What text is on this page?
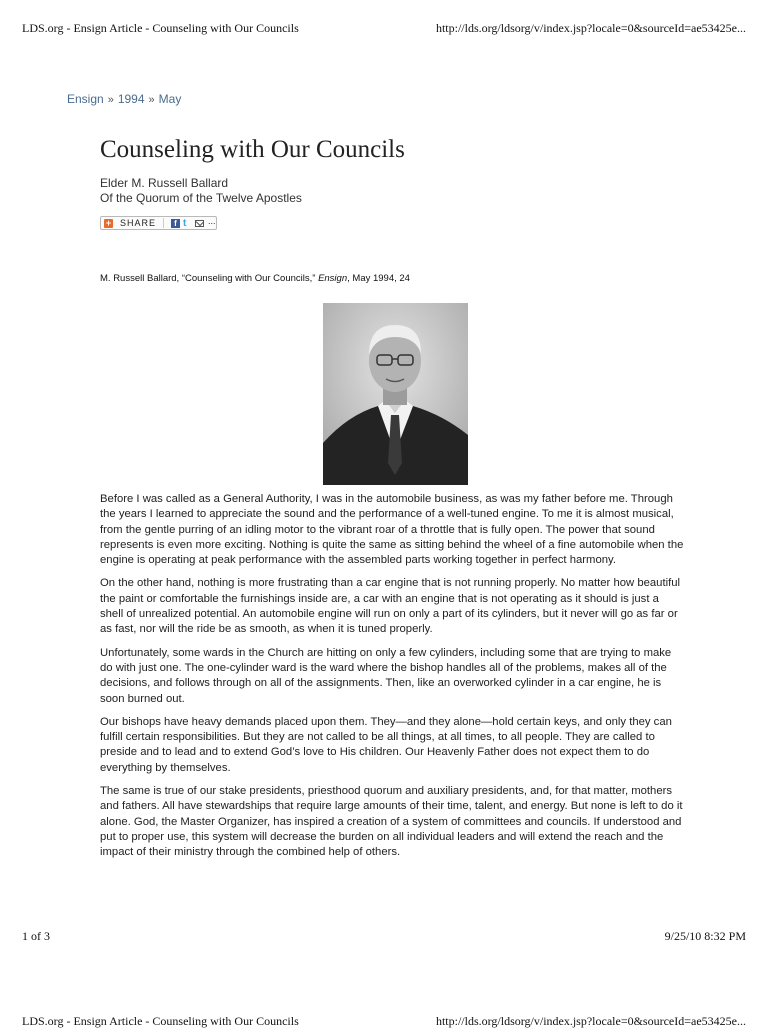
LDS.org - Ensign Article - Counseling with Our Councils	http://lds.org/ldsorg/v/index.jsp?locale=0&sourceId=ae53425e...
Ensign » 1994 » May
Counseling with Our Councils
Elder M. Russell Ballard
Of the Quorum of the Twelve Apostles
+ SHARE	f t ...
M. Russell Ballard, “Counseling with Our Councils,” Ensign, May 1994, 24

Before I was called as a General Authority, I was in the automobile business, as was my father before me. Through the years I learned to appreciate the sound and the performance of a well-tuned engine. To me it is almost musical, from the gentle purring of an idling motor to the vibrant roar of a throttle that is fully open. The power that sound represents is even more exciting. Nothing is quite the same as sitting behind the wheel of a fine automobile when the engine is operating at peak performance with the assembled parts working together in perfect harmony.

On the other hand, nothing is more frustrating than a car engine that is not running properly. No matter how beautiful the paint or comfortable the furnishings inside are, a car with an engine that is not operating as it should is just a shell of unrealized potential. An automobile engine will run on only a part of its cylinders, but it never will go as far or as fast, nor will the ride be as smooth, as when it is tuned properly.

Unfortunately, some wards in the Church are hitting on only a few cylinders, including some that are trying to make do with just one. The one-cylinder ward is the ward where the bishop handles all of the problems, makes all of the decisions, and follows through on all of the assignments. Then, like an overworked cylinder in a car engine, he is soon burned out.

Our bishops have heavy demands placed upon them. They—and they alone—hold certain keys, and only they can fulfill certain responsibilities. But they are not called to be all things, at all times, to all people. They are called to preside and to lead and to extend God’s love to His children. Our Heavenly Father does not expect them to do everything by themselves.

The same is true of our stake presidents, priesthood quorum and auxiliary presidents, and, for that matter, mothers and fathers. All have stewardships that require large amounts of their time, talent, and energy. But none is left to do it alone. God, the Master Organizer, has inspired a creation of a system of committees and councils. If understood and put to proper use, this system will decrease the burden on all individual leaders and will extend the reach and the impact of their ministry through the combined help of others.

1 of 3	9/25/10 8:32 PM
LDS.org - Ensign Article - Counseling with Our Councils	http://lds.org/ldsorg/v/index.jsp?locale=0&sourceId=ae53425e...
